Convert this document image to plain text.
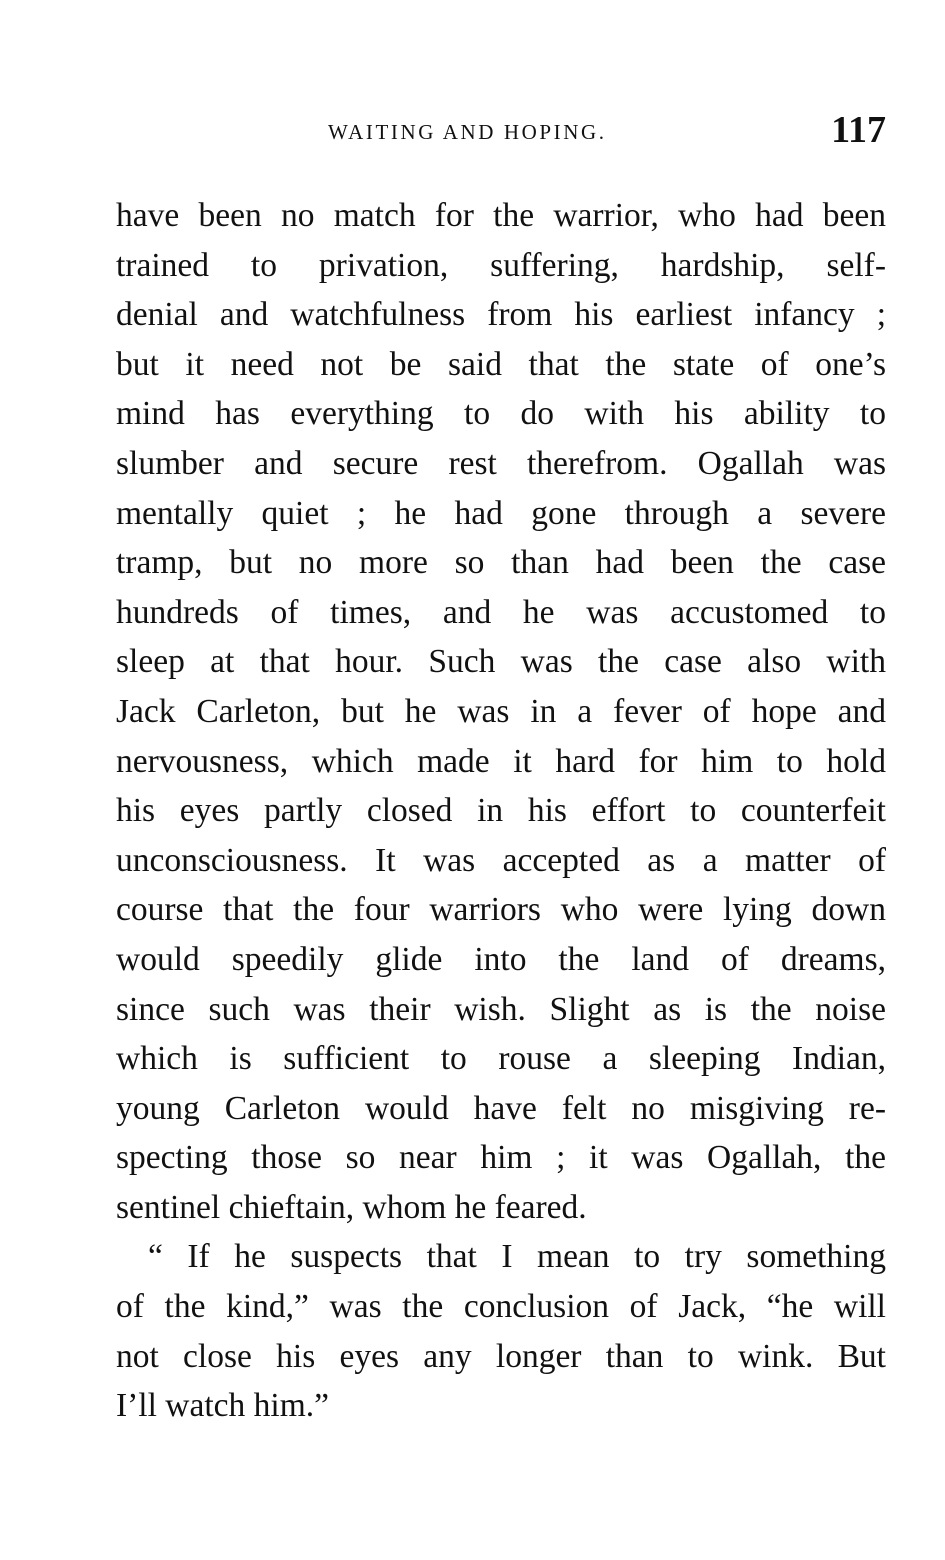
WAITING AND HOPING.	117
have been no match for the warrior, who had been
trained to privation, suffering, hardship, self-
denial and watchfulness from his earliest infancy ;
but it need not be said that the state of one’s
mind has everything to do with his ability to
slumber and secure rest therefrom. Ogallah was
mentally quiet ; he had gone through a severe
tramp, but no more so than had been the case
hundreds of times, and he was accustomed to
sleep at that hour. Such was the case also with
Jack Carleton, but he was in a fever of hope and
nervousness, which made it hard for him to hold
his eyes partly closed in his effort to counterfeit
unconsciousness. It was accepted as a matter of
course that the four warriors who were lying down
would speedily glide into the land of dreams,
since such was their wish. Slight as is the noise
which is sufficient to rouse a sleeping Indian,
young Carleton would have felt no misgiving re-
specting those so near him ; it was Ogallah, the
sentinel chieftain, whom he feared.
“ If he suspects that I mean to try something
of the kind,” was the conclusion of Jack, “he will
not close his eyes any longer than to wink. But
I’ll watch him.”
